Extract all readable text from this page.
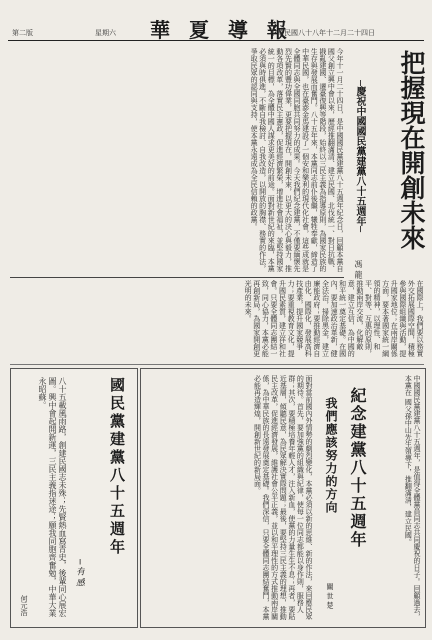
第二版	星期六 華 夏 導 報
中華民國八十八年十二月二十四日
把握現在開創未來
─慶祝中國國民黨建黨八十五週年─
馮 龍
今年十一月二十四日，是中國國民黨建黨八十五週年紀念日，回顧本黨自 國父創立興中會以來，歷經推翻滿清、建立民國、北伐統一、對日抗戰、戡亂建國、遷臺復興等階段，始終以三民主義為指導原則，為國家民族的生存與發展而奮鬥。八十五年來，本黨同志前仆後繼，犧牲奉獻，締造了中華民國，也在臺澎金馬建設了一個安和樂利的現代化社會，這些成就是全體同志與全國同胞共同努力的成果。今天我們紀念建黨，不僅要緬懷先烈先賢的豐功偉業，更要把握現在，開創未來，以更大的決心與毅力，推動各項改革，落實民主憲政，促進經濟繁榮，增進社會福祉，並堅持國家統一的目標，為全體中國人謀求更美好的前途。面對新世紀的來臨，本黨必須與時俱進，不斷自我檢討、自我改造，以開放的胸襟、務實的作法，爭取民眾的認同與支持，使本黨永遠成為全民信賴的政黨。
在國際上，我們要以務實外交拓展國際空間，積極參與國際組織與活動，提升國家地位；在兩岸關係方面，要本著國家統一綱領的精神，以理性、和平、對等、互惠的原則，推動兩岸交流，化解敵意，建立互信，為中國的和平統一奠定基礎。在國內，要加速政治革新，健全法治，掃除黑金，建立廉能政府；要推動經濟自由化、國際化，發展高科技產業，提升國家競爭力；要重視教育文化，提升國民素質，建立祥和社會。只要全體同志團結一致，同心協力，本黨必能再創新局，為國家開創更光明的未來。
國民黨建黨八十五週年
─有感
八十五載風雨路，創建民國志未殊；先賢熱血寫青史，後輩同心展宏圖。興中會起開新運，三民主義指迷途；願我同胞齊奮勉，中華大業永昭蘇。
何元浩	中國國民黨建黨八十五週年，是值得全體黨員同志共同慶祝的日子。回顧過去，本黨在 國父孫中山先生領導下，推翻滿清，建立民國。
紀念建黨八十五週年
我們應該努力的方向
關 世 楚
面對當前國內外情勢的劇烈變化，本黨必須以新的思維、新的作法，來回應民眾的期待。首先，要加強黨的組織與紀律，使每一位同志都能以身作則，服務人群；其次，要積極培養年輕人才，注入新血，使黨的力量生生不息；再者，要貼近基層，傾聽民意，為民眾解決實際問題；最後，要堅持三民主義的理想，推動民主改革，促進經濟發展，維護社會公平正義，並以和平理性的方式推動兩岸關係，為中華民族的長遠發展奠定基礎。我們深信，只要全體同志團結奮鬥，本黨必能再造輝煌，開創新世紀的新局面。
